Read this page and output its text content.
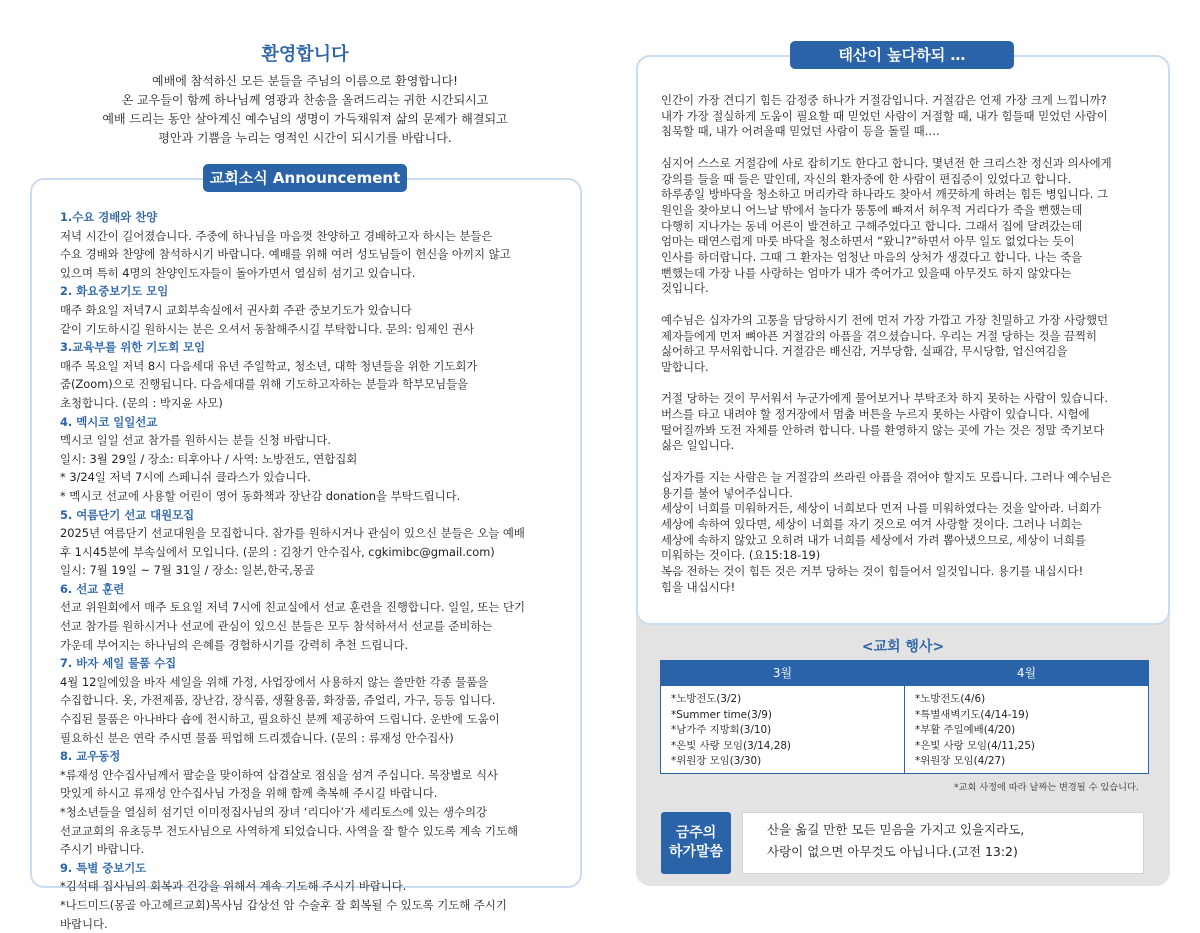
환영합니다

예배에 참석하신 모든 분들을 주님의 이름으로 환영합니다!

온 교우들이 함께 하나님께 영광과 찬송을 올려드리는 귀한 시간되시고

예배 드리는 동안 살아계신 예수님의 생명이 가득채워져 삶의 문제가 해결되고

평안과 기쁨을 누리는 영적인 시간이 되시기를 바랍니다.

1.수요 경배와 찬양
저녁 시간이 길어졌습니다. 주중에 하나님을 마음껏 찬양하고 경배하고자 하시는 분들은
수요 경배와 찬양에 참석하시기 바랍니다. 예배를 위해 여러 성도님들이 헌신을 아끼지 않고
있으며 특히 4명의 찬양인도자들이 돌아가면서 열심히 섬기고 있습니다.
2. 화요중보기도 모임
매주 화요일 저녁7시 교회부속실에서 권사회 주관 중보기도가 있습니다
같이 기도하시길 원하시는 분은 오셔서 동참해주시길 부탁합니다. 문의: 임제인 권사
3.교육부를 위한 기도회 모임
매주 목요일 저녁 8시 다음세대 유년 주일학교, 청소년, 대학 청년들을 위한 기도회가
줌(Zoom)으로 진행됩니다. 다음세대를 위해 기도하고자하는 분들과 학부모님들을
초청합니다. (문의 : 박지윤 사모)
4. 멕시코 일일선교
멕시코 일일 선교 참가를 원하시는 분들 신청 바랍니다.
일시: 3월 29일 / 장소: 티후아나 / 사역: 노방전도, 연합집회
* 3/24일 저녁 7시에 스페니쉬 클라스가 있습니다.
* 멕시코 선교에 사용할 어린이 영어 동화책과 장난감 donation을 부탁드립니다.
5. 여름단기 선교 대원모집
2025년 여름단기 선교대원을 모집합니다. 참가를 원하시거나 관심이 있으신 분들은 오늘 예배
후 1시45분에 부속실에서 모입니다. (문의 : 김창기 안수집사, cgkimibc@gmail.com)
일시: 7월 19일 ~ 7월 31일 / 장소: 일본,한국,몽골
6. 선교 훈련
선교 위원회에서 매주 토요일 저녁 7시에 친교실에서 선교 훈련을 진행합니다. 일일, 또는 단기
선교 참가를 원하시거나 선교에 관심이 있으신 분들은 모두 참석하셔서 선교를 준비하는
가운데 부어지는 하나님의 은혜를 경험하시기를 강력히 추천 드립니다.
7. 바자 세일 물품 수집
4월 12일에있을 바자 세일을 위해 가정, 사업장에서 사용하지 않는 쓸만한 각종 물품을
수집합니다. 옷, 가전제품, 장난감, 장식품, 생활용품, 화장품, 쥬얼리, 가구, 등등 입니다.
수집된 물품은 아나바다 숍에 전시하고, 필요하신 분께 제공하여 드립니다. 운반에 도움이
필요하신 분은 연락 주시면 물품 픽업해 드리겠습니다. (문의 : 류재성 안수집사)
8. 교우동정
*류재성 안수집사님께서 팔순을 맞이하여 삽겹살로 점심을 섬겨 주십니다. 목장별로 식사
맛있게 하시고 류재성 안수집사님 가정을 위해 함께 축복해 주시길 바랍니다.
*청소년들을 열심히 섬기던 이미정집사님의 장녀 ‘리디아’가 세리토스에 있는 생수의강
선교교회의 유초등부 전도사님으로 사역하게 되었습니다. 사역을 잘 할수 있도록 계속 기도해
주시기 바랍니다.
9. 특별 중보기도
*김석태 집사님의 회복과 건강을 위해서 계속 기도해 주시기 바랍니다.
*나드미드(몽골 아고헤르교회)목사님 갑상선 암 수술후 잘 회복될 수 있도록 기도해 주시기
바랍니다.
교회소식 Announcement

인간이 가장 견디기 힘든 감정중 하나가 거절감입니다. 거절감은 언제 가장 크게 느낍니까?
내가 가장 절실하게 도움이 필요할 때 믿었던 사람이 거절할 때, 내가 힘들때 믿었던 사람이
침묵할 때, 내가 어려울때 믿었던 사람이 등을 돌릴 때….

심지어 스스로 거절감에 사로 잡히기도 한다고 합니다. 몇년전 한 크리스찬 정신과 의사에게
강의를 들을 때 들은 말인데, 자신의 환자중에 한 사람이 편집증이 있었다고 합니다.
하루종일 방바닥을 청소하고 머리카락 하나라도 찾아서 깨끗하게 하려는 힘든 병입니다. 그
원인을 찾아보니 어느날 밖에서 놀다가 똥통에 빠져서 허우적 거리다가 죽을 뻔했는데
다행히 지나가는 동네 어른이 발견하고 구해주었다고 합니다. 그래서 집에 달려갔는데
엄마는 태연스럽게 마룻 바닥을 청소하면서 “왔니?”하면서 아무 일도 없었다는 듯이
인사를 하더랍니다. 그때 그 환자는 엄청난 마음의 상처가 생겼다고 합니다. 나는 죽을
뻔했는데 가장 나를 사랑하는 엄마가 내가 죽어가고 있을때 아무것도 하지 않았다는
것입니다.

예수님은 십자가의 고통을 담당하시기 전에 먼저 가장 가깝고 가장 친밀하고 가장 사랑했던
제자들에게 먼저 뼈아픈 거절감의 아픔을 겪으셨습니다. 우리는 거절 당하는 것을 끔찍히
싫어하고 무서워합니다. 거절감은 배신감, 거부당함, 실패감, 무시당함, 업신여김을
말합니다.

거절 당하는 것이 무서워서 누군가에게 물어보거나 부탁조차 하지 못하는 사람이 있습니다.
버스를 타고 내려야 할 정거장에서 멈춤 버튼을 누르지 못하는 사람이 있습니다. 시험에
떨어질까봐 도전 자체를 안하려 합니다. 나를 환영하지 않는 곳에 가는 것은 정말 죽기보다
싫은 일입니다.

십자가를 지는 사람은 늘 거절감의 쓰라린 아픔을 겪어야 할지도 모릅니다. 그러나 예수님은
용기를 불어 넣어주십니다.
세상이 너희를 미워하거든, 세상이 너희보다 먼저 나를 미워하였다는 것을 알아라. 너희가
세상에 속하여 있다면, 세상이 너희를 자기 것으로 여겨 사랑할 것이다. 그러나 너희는
세상에 속하지 않았고 오히려 내가 너희를 세상에서 가려 뽑아냈으므로, 세상이 너희를
미워하는 것이다. (요15:18-19)
복음 전하는 것이 힘든 것은 거부 당하는 것이 힘들어서 일것입니다. 용기를 내십시다!
힘을 내십시다!

태산이 높다하되 …
<교회 행사>
3월
*노방전도(3/2)
*Summer time(3/9)
*남가주 지방회(3/10)
*은빛 사랑 모임(3/14,28)
*위원장 모임(3/30)
4월
*노방전도(4/6)
*특별새벽기도(4/14-19)
*부활 주일예배(4/20)
*은빛 사랑 모임(4/11,25)
*위원장 모임(4/27)
*교회 사정에 따라 날짜는 변경될 수 있습니다.
금주의
하가말씀
산을 옮길 만한 모든 믿음을 가지고 있을지라도,
사랑이 없으면 아무것도 아닙니다.(고전 13:2)
